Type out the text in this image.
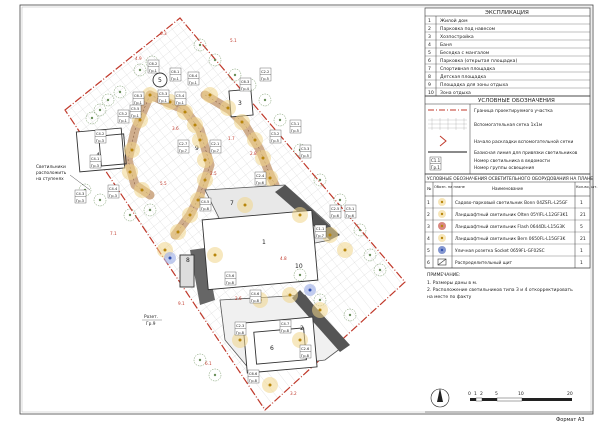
1
2
3
5
6
7
8
9
10
С6.2
Гр.1	С6.1
Гр.1
С6.4
Гр.1
С6.3
Гр.1
С5.3
Гр.1
С5.4
Гр.1
С5.2
Гр.1
С5.5
Гр.1
С4.2
Гр.3
С4.1
Гр.3
С4.3
Гр.3
С4.4
Гр.3
С6.3
Гр.4
С2.2
Гр.5
С3.1
Гр.5
С3.2
Гр.5
С3.3
Гр.5
С2.4
Гр.6
С2.5
Гр.6
С5.1
Гр.6
С1.1
Гр.7
С2.1
Гр.7
С2.7
Гр.7
С4.5
Гр.8
С5.6
Гр.8
С4.6
Гр.8
С2.3
Гр.8
С4.7
Гр.8
С2.6
Гр.8
С6.6
Гр.8
5.1
6.3
4.9
3.6
2.5
5.5
2.8
1.7
7.1
4.8
9.1
2.6
6.1
3.2
Светильники
расположить
на ступенях
Розет.
Гр.9
0 1 2	5	10	20
ЭКСПЛИКАЦИЯ
1 Жилой дом
2 Парковка под навесом
3 Хозпостройка
4 Баня
5 Беседка с мангалом
6 Парковка (открытая площадка)
7 Спортивная площадка
8 Детская площадка
9 Площадка для зоны отдыха
10 Зона отдыха
УСЛОВНЫЕ ОБОЗНАЧЕНИЯ
С1.1
Гр.1
Граница проектируемого участка
Вспомогательная сетка 1х1м
Начало раскладки вспомогательной сетки
Базисная линия для привязки светильников
Номер светильника в ведомости
Номер группы освещения
УСЛОВНЫЕ ОБОЗНАЧЕНИЯ ОСВЕТИТЕЛЬНОГО ОБОРУДОВАНИЯ НА ПЛАНЕ
№ Обозн. на плане	Наименование	Кол-во, шт.
1	Садово-парковый светильник Bonn 04ZSFL-L25GF	1
2	Ландшафтный светильник Olten 05YIFL-L12GF3K1	21
3	Ландшафтный светильник Flash 0644DL-L15G3K	5
4	Ландшафтный светильник Bern 0650FL-L15GF3K	21
5	Уличная розетка Socket 0659FL-GF02SC	1
6	Распределительный щит	1
ПРИМЕЧАНИЕ:
1. Размеры даны в м.
2. Расположение светильников типа 3 и 4 откорректировать
на месте по факту
Формат А3
